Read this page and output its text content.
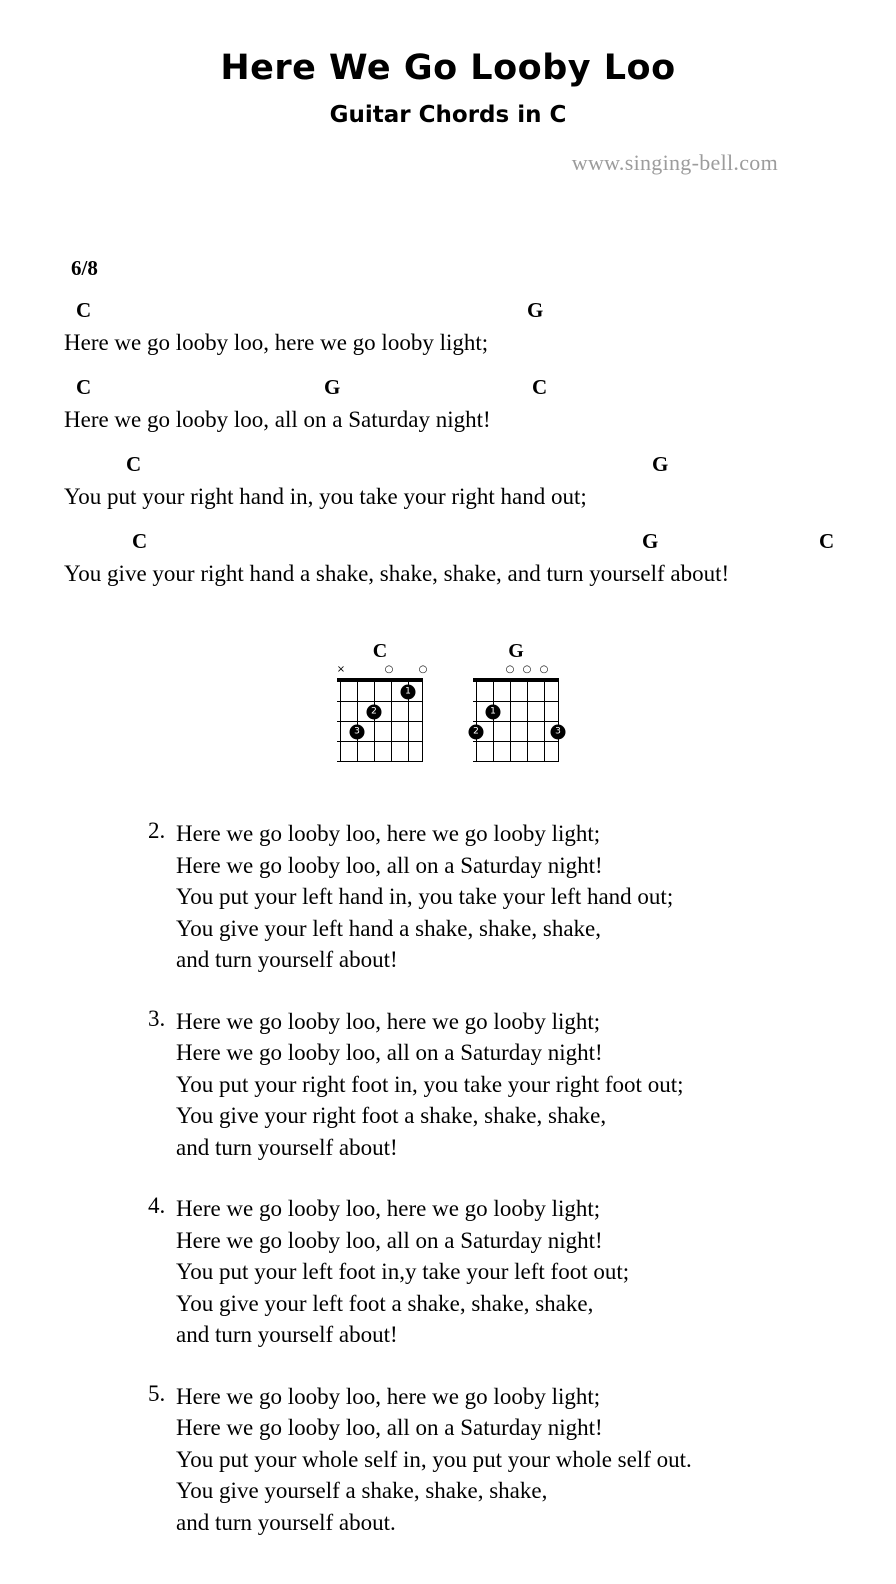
Here We Go Looby Loo
Guitar Chords in C
www.singing-bell.com
6/8
C	G
Here we go looby loo, here we go looby light;
C	G	C
Here we go looby loo, all on a Saturday night!
C	G
You put your right hand in, you take your right hand out;
C	G	C
You give your right hand a shake, shake, shake, and turn yourself about!
C
×
○
○
1
2
3
G
○
○
○
1
2	3
2. Here we go looby loo, here we go looby light;
Here we go looby loo, all on a Saturday night!
You put your left hand in, you take your left hand out;
You give your left hand a shake, shake, shake,
and turn yourself about!
3. Here we go looby loo, here we go looby light;
Here we go looby loo, all on a Saturday night!
You put your right foot in, you take your right foot out;
You give your right foot a shake, shake, shake,
and turn yourself about!
4. Here we go looby loo, here we go looby light;
Here we go looby loo, all on a Saturday night!
You put your left foot in,y take your left foot out;
You give your left foot a shake, shake, shake,
and turn yourself about!
5. Here we go looby loo, here we go looby light;
Here we go looby loo, all on a Saturday night!
You put your whole self in, you put your whole self out.
You give yourself a shake, shake, shake,
and turn yourself about.
